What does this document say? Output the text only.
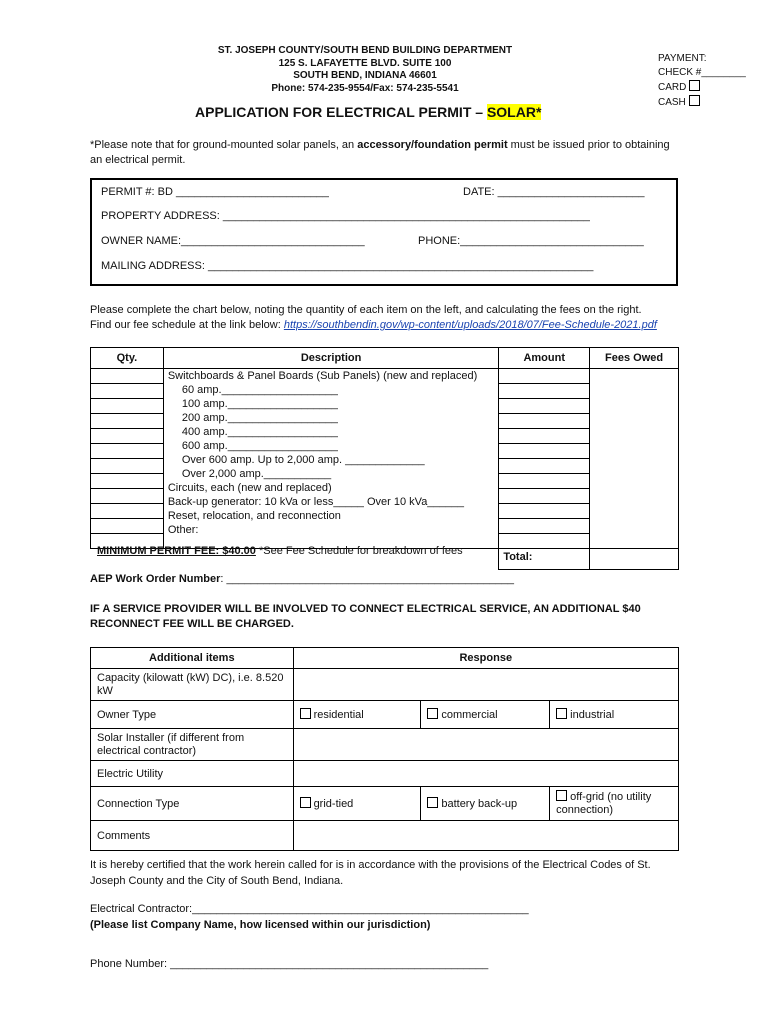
ST. JOSEPH COUNTY/SOUTH BEND BUILDING DEPARTMENT
125 S. LAFAYETTE BLVD. SUITE 100
SOUTH BEND, INDIANA 46601
Phone: 574-235-9554/Fax: 574-235-5541
PAYMENT:
CHECK #________
CARD
CASH
APPLICATION FOR ELECTRICAL PERMIT – SOLAR*
*Please note that for ground-mounted solar panels, an accessory/foundation permit must be issued prior to obtaining an electrical permit.
PERMIT #: BD _________________________	DATE: ________________________
PROPERTY ADDRESS: ____________________________________________________________
OWNER NAME:______________________________	PHONE:______________________________
MAILING ADDRESS: _______________________________________________________________
Please complete the chart below, noting the quantity of each item on the left, and calculating the fees on the right.
Find our fee schedule at the link below: https://southbendin.gov/wp-content/uploads/2018/07/Fee-Schedule-2021.pdf
Qty.	Description	Amount	Fees Owed

Switchboards & Panel Boards (Sub Panels) (new and replaced)
60 amp.___________________
100 amp.__________________
200 amp.__________________
400 amp.__________________
600 amp.__________________
Over 600 amp. Up to 2,000 amp. _____________
Over 2,000 amp.___________
Circuits, each (new and replaced)
Back-up generator: 10 kVa or less_____ Over 10 kVa______
Reset, relocation, and reconnection
Other:

	Total:	
MINIMUM PERMIT FEE: $40.00 *See Fee Schedule for breakdown of fees
AEP Work Order Number: _______________________________________________
IF A SERVICE PROVIDER WILL BE INVOLVED TO CONNECT ELECTRICAL SERVICE, AN ADDITIONAL $40 RECONNECT FEE WILL BE CHARGED.
Additional items	Response		
Capacity (kilowatt (kW) DC), i.e. 8.520 kW			
Owner Type	residential	commercial	industrial
Solar Installer (if different from electrical contractor)			
Electric Utility			
Connection Type	grid-tied	battery back-up	off-grid (no utility connection)
Comments			
It is hereby certified that the work herein called for is in accordance with the provisions of the Electrical Codes of St. Joseph County and the City of South Bend, Indiana.
Electrical Contractor:_______________________________________________________
(Please list Company Name, how licensed within our jurisdiction)
Phone Number: ____________________________________________________
